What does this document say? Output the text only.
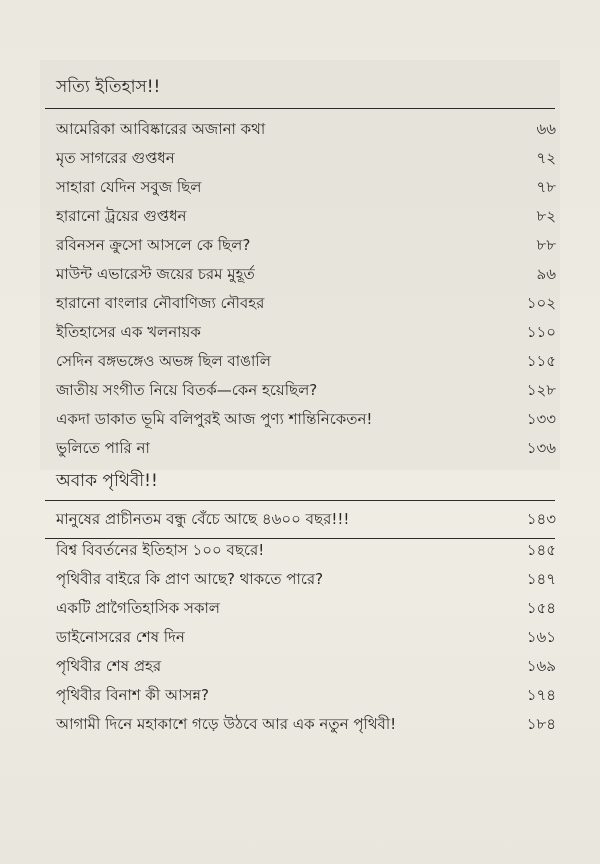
সত্যি ইতিহাস!!
আমেরিকা আবিষ্কারের অজানা কথা	৬৬
মৃত সাগরের গুপ্তধন	৭২
সাহারা যেদিন সবুজ ছিল	৭৮
হারানো ট্রয়ের গুপ্তধন	৮২
রবিনসন ক্রুসো আসলে কে ছিল?	৮৮
মাউন্ট এভারেস্ট জয়ের চরম মুহূর্ত	৯৬
হারানো বাংলার নৌবাণিজ্য নৌবহর	১০২
ইতিহাসের এক খলনায়ক	১১০
সেদিন বঙ্গভঙ্গেও অভঙ্গ ছিল বাঙালি	১১৫
জাতীয় সংগীত নিয়ে বিতর্ক—কেন হয়েছিল?	১২৮
একদা ডাকাত ভূমি বলিপুরই আজ পুণ্য শান্তিনিকেতন!	১৩৩
ভুলিতে পারি না	১৩৬
অবাক পৃথিবী!!
মানুষের প্রাচীনতম বন্ধু বেঁচে আছে ৪৬০০ বছর!!!	১৪৩
বিশ্ব বিবর্তনের ইতিহাস ১০০ বছরে!	১৪৫
পৃথিবীর বাইরে কি প্রাণ আছে? থাকতে পারে?	১৪৭
একটি প্রাগৈতিহাসিক সকাল	১৫৪
ডাইনোসরের শেষ দিন	১৬১
পৃথিবীর শেষ প্রহর	১৬৯
পৃথিবীর বিনাশ কী আসন্ন?	১৭৪
আগামী দিনে মহাকাশে গড়ে উঠবে আর এক নতুন পৃথিবী!	১৮৪
